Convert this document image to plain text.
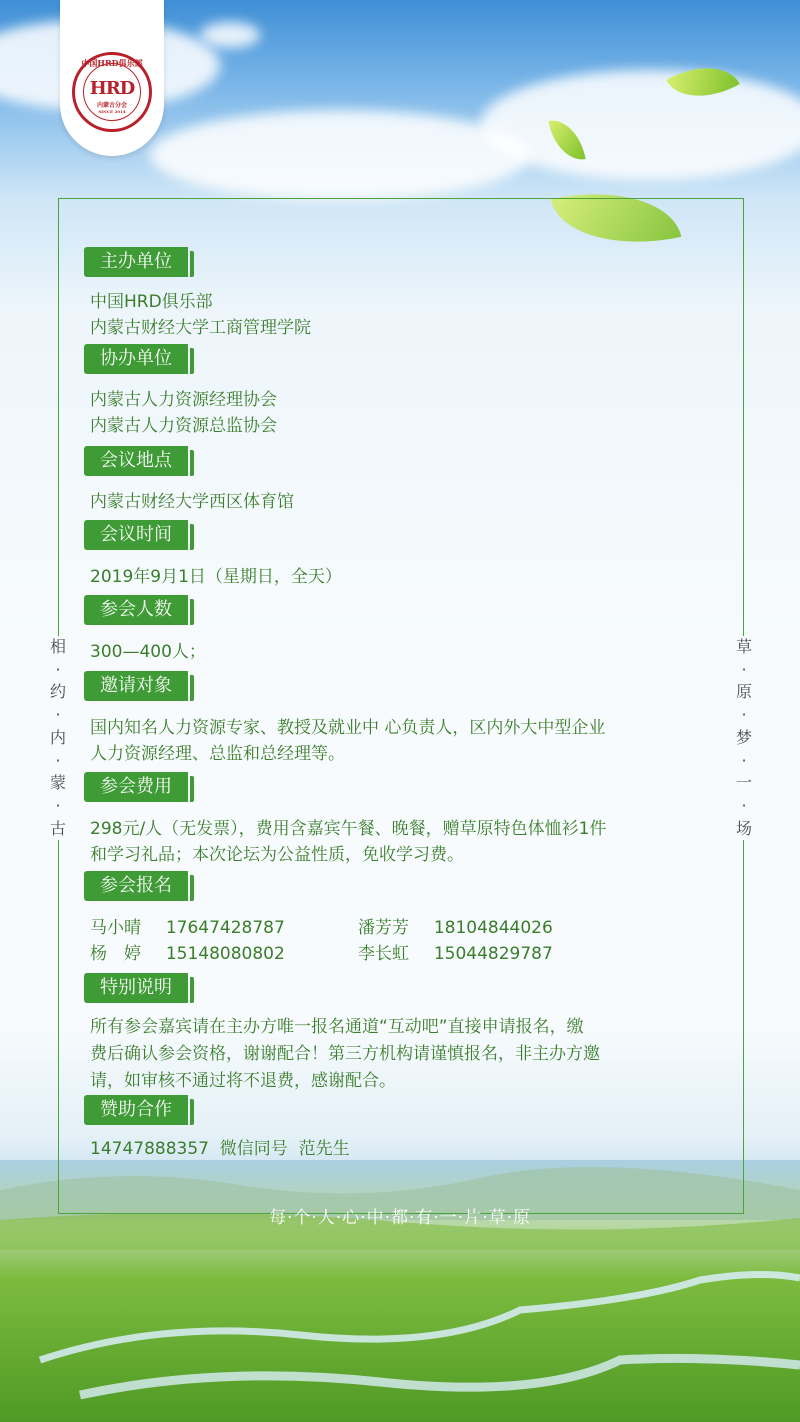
中国HRD俱乐部
HRD
内蒙古分会
SINCE 2014
相
·
约
·
内
·
蒙
·
古
草
·
原
·
梦
·
一
·
场
每·个·人·心·中·都·有·一·片·草·原
主办单位
中国HRD俱乐部
内蒙古财经大学工商管理学院
协办单位
内蒙古人力资源经理协会
内蒙古人力资源总监协会
会议地点
内蒙古财经大学西区体育馆
会议时间
2019年9月1日（星期日，全天）
参会人数
300—400人；
邀请对象
国内知名人力资源专家、教授及就业中 心负责人，区内外大中型企业
人力资源经理、总监和总经理等。
参会费用
298元/人（无发票），费用含嘉宾午餐、晚餐，赠草原特色体恤衫1件
和学习礼品；本次论坛为公益性质，免收学习费。
参会报名
马小晴 17647428787	潘芳芳 18104844026
杨　婷 15148080802	李长虹 15044829787
特别说明
所有参会嘉宾请在主办方唯一报名通道“互动吧”直接申请报名，缴
费后确认参会资格，谢谢配合！第三方机构请谨慎报名，非主办方邀
请，如审核不通过将不退费，感谢配合。
赞助合作
14747888357  微信同号  范先生
